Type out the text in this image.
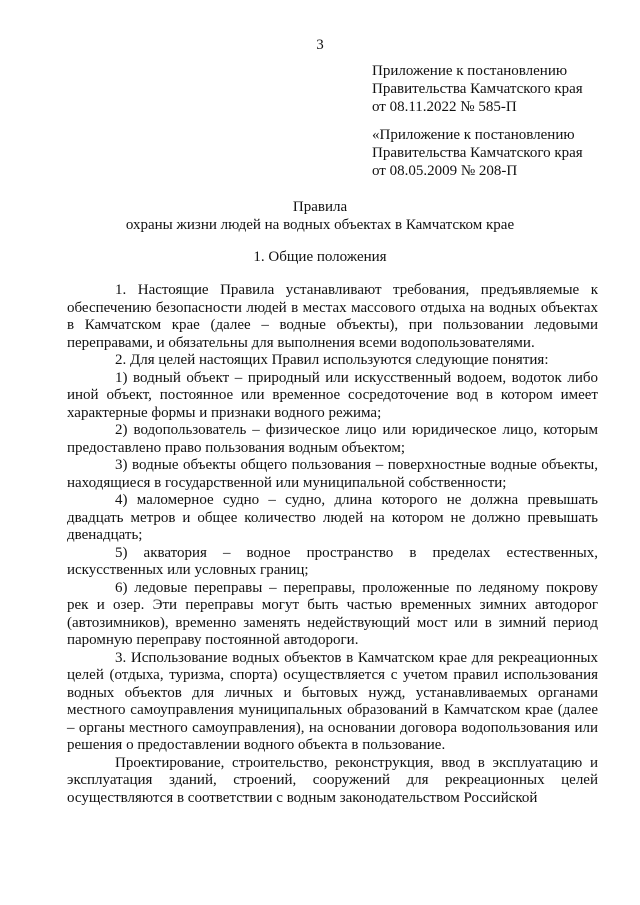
3
Приложение к постановлению
Правительства Камчатского края
от 08.11.2022 № 585-П
«Приложение к постановлению
Правительства Камчатского края
от 08.05.2009 № 208-П
Правила
охраны жизни людей на водных объектах в Камчатском крае
1. Общие положения

1. Настоящие Правила устанавливают требования, предъявляемые к обеспечению безопасности людей в местах массового отдыха на водных объектах в Камчатском крае (далее – водные объекты), при пользовании ледовыми переправами, и обязательны для выполнения всеми водопользователями.

2. Для целей настоящих Правил используются следующие понятия:

1) водный объект – природный или искусственный водоем, водоток либо иной объект, постоянное или временное сосредоточение вод в котором имеет характерные формы и признаки водного режима;

2) водопользователь – физическое лицо или юридическое лицо, которым предоставлено право пользования водным объектом;

3) водные объекты общего пользования – поверхностные водные объекты, находящиеся в государственной или муниципальной собственности;

4) маломерное судно – судно, длина которого не должна превышать двадцать метров и общее количество людей на котором не должно превышать двенадцать;

5) акватория – водное пространство в пределах естественных, искусственных или условных границ;

6) ледовые переправы – переправы, проложенные по ледяному покрову рек и озер. Эти переправы могут быть частью временных зимних автодорог (автозимников), временно заменять недействующий мост или в зимний период паромную переправу постоянной автодороги.

3. Использование водных объектов в Камчатском крае для рекреационных целей (отдыха, туризма, спорта) осуществляется с учетом правил использования водных объектов для личных и бытовых нужд, устанавливаемых органами местного самоуправления муниципальных образований в Камчатском крае (далее – органы местного самоуправления), на основании договора водопользования или решения о предоставлении водного объекта в пользование.

Проектирование, строительство, реконструкция, ввод в эксплуатацию и эксплуатация зданий, строений, сооружений для рекреационных целей осуществляются в соответствии с водным законодательством Российской
